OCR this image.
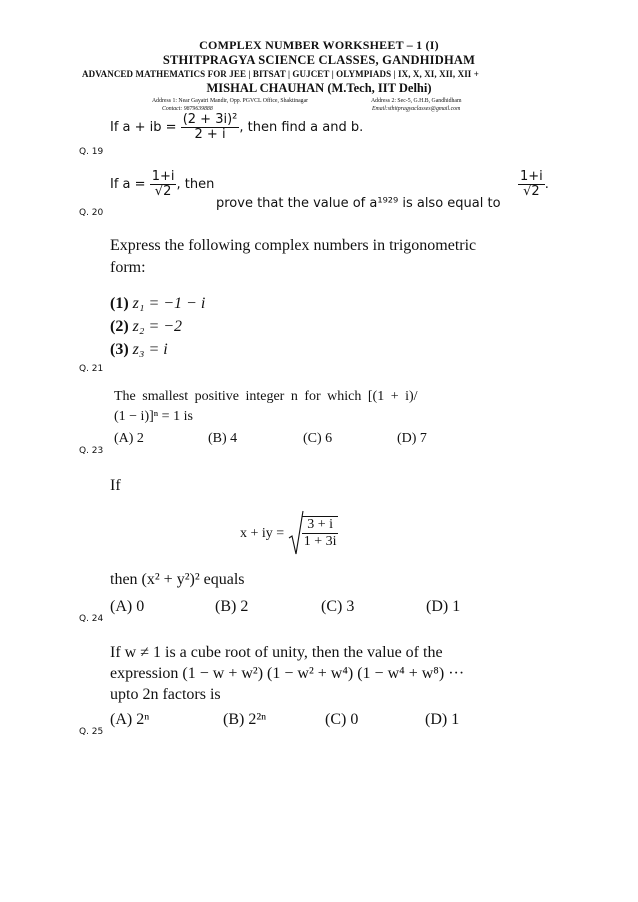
COMPLEX NUMBER WORKSHEET – 1 (I)
STHITPRAGYA SCIENCE CLASSES, GANDHIDHAM
ADVANCED MATHEMATICS FOR JEE | BITSAT | GUJCET | OLYMPIADS | IX, X, XI, XII, XII +
MISHAL CHAUHAN (M.Tech, IIT Delhi)
Address 1: Near Gayatri Mandir, Opp. PGVCL Office, Shaktinagar
Contact: 9879639888
Address 2: Sec-5, G.H.B, Gandhidham
Email:sthitpragyaclasses@gmail.com
If a + ib = $\frac{\text{(2 + 3i)²}}{2 + i}$ , then find a and b.
Q. 19
If $a = \frac{1+i}{√2}$ , then
prove that the value of a¹⁹²⁹ is also equal to
$\frac{1+i}{√2}$ .
Q. 20
Express the following complex numbers in trigonometric
form:
(1) z₁ = −1 − i
(2) z₂ = −2
(3) z₃ = i
Q. 21
The smallest positive integer n for which [(1 + i)/
(1 − i)]ⁿ = 1 is
(A) 2	(B) 4	(C) 6	(D) 7
Q. 23
If
x + iy = $\frac{3 + i}{1 + 3i}$
then (x² + y²)² equals
(A) 0	(B) 2	(C) 3	(D) 1
Q. 24
If w ≠ 1 is a cube root of unity, then the value of the
expression (1 − w + w²) (1 − w² + w⁴) (1 − w⁴ + w⁸) ···
upto 2n factors is
(A) 2ⁿ	(B) 2²ⁿ	(C) 0	(D) 1
Q. 25
